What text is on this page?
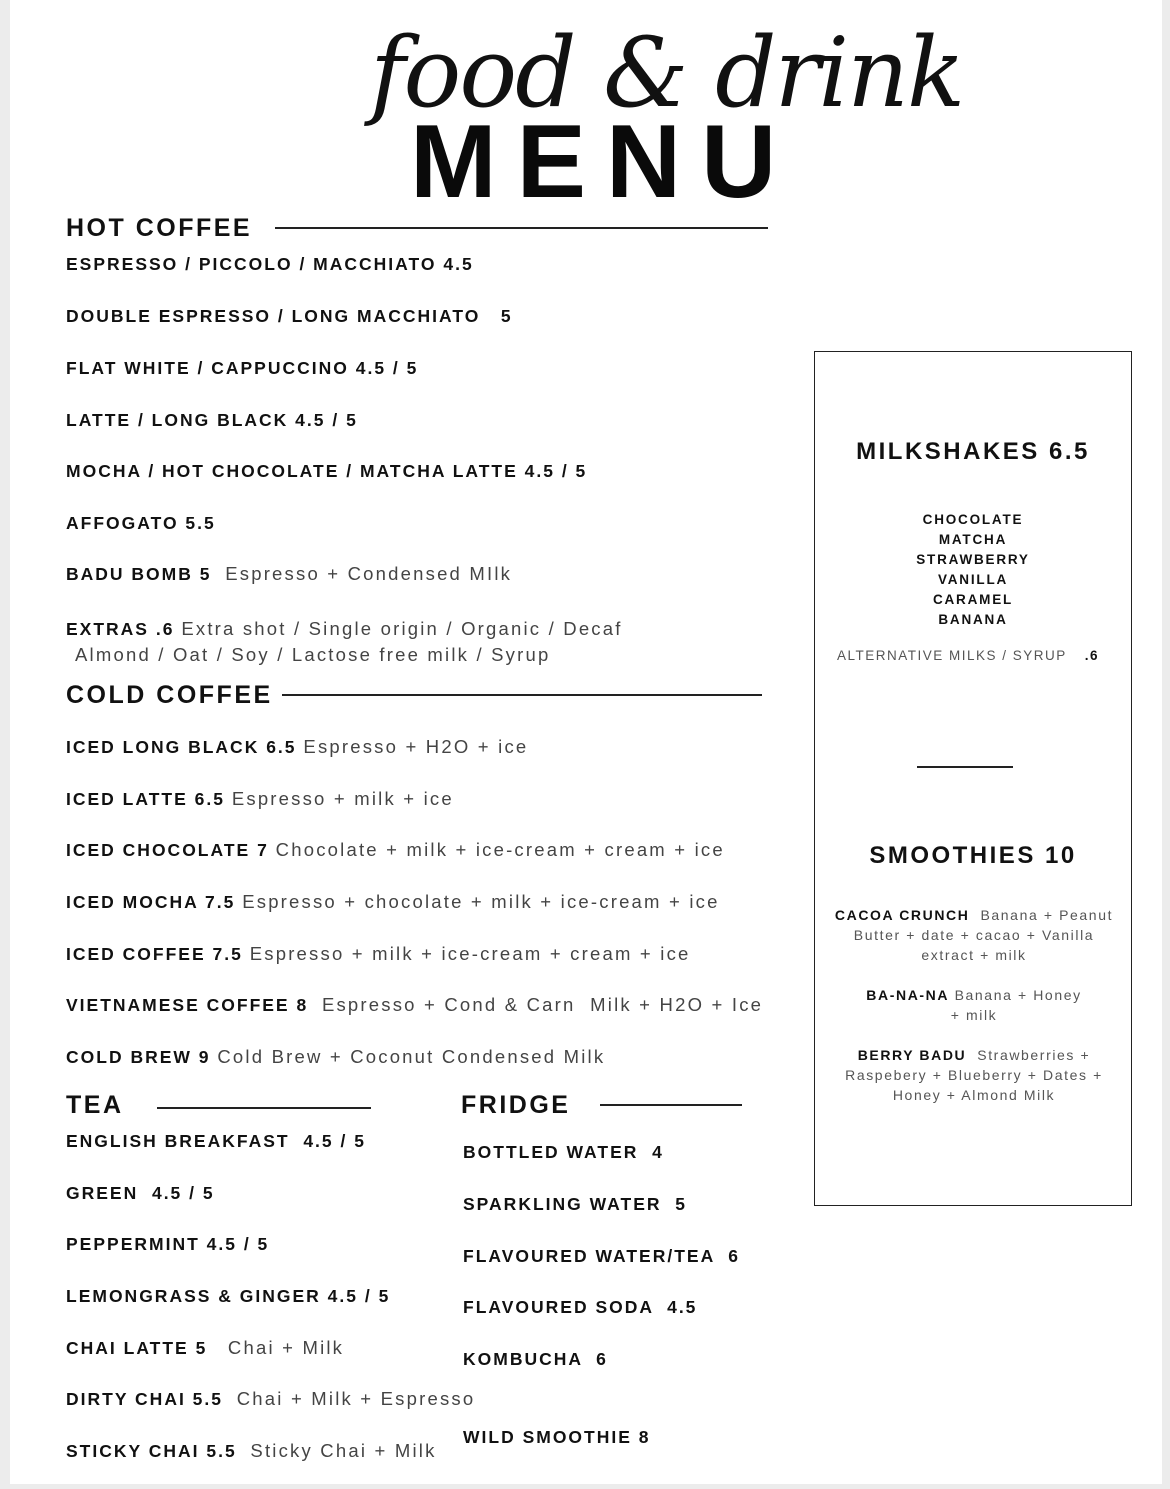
food & drink
MENU
HOT COFFEE
ESPRESSO / PICCOLO / MACCHIATO 4.5
DOUBLE ESPRESSO / LONG MACCHIATO   5
FLAT WHITE / CAPPUCCINO 4.5 / 5
LATTE / LONG BLACK 4.5 / 5
MOCHA / HOT CHOCOLATE / MATCHA LATTE 4.5 / 5
AFFOGATO 5.5
BADU BOMB 5 Espresso + Condensed MIlk
EXTRAS .6 Extra shot / Single origin / Organic / Decaf
Almond / Oat / Soy / Lactose free milk / Syrup
COLD COFFEE
ICED LONG BLACK 6.5 Espresso + H2O + ice
ICED LATTE 6.5 Espresso + milk + ice
ICED CHOCOLATE 7 Chocolate + milk + ice-cream + cream + ice
ICED MOCHA 7.5 Espresso + chocolate + milk + ice-cream + ice
ICED COFFEE 7.5 Espresso + milk + ice-cream + cream + ice
VIETNAMESE COFFEE 8 Espresso + Cond & Carn  Milk + H2O + Ice
COLD BREW 9 Cold Brew + Coconut Condensed Milk
TEA
ENGLISH BREAKFAST  4.5 / 5
GREEN  4.5 / 5
PEPPERMINT 4.5 / 5
LEMONGRASS & GINGER 4.5 / 5
CHAI LATTE 5 Chai + Milk
DIRTY CHAI 5.5 Chai + Milk + Espresso
STICKY CHAI 5.5 Sticky Chai + Milk
FRIDGE
BOTTLED WATER  4
SPARKLING WATER  5
FLAVOURED WATER/TEA  6
FLAVOURED SODA  4.5
KOMBUCHA  6
WILD SMOOTHIE 8
MILKSHAKES 6.5
CHOCOLATE
MATCHA
STRAWBERRY
VANILLA
CARAMEL
BANANA
ALTERNATIVE MILKS / SYRUP .6
SMOOTHIES 10
CACOA CRUNCH Banana + Peanut Butter + date + cacao + Vanilla extract + milk
BA-NA-NA Banana + Honey + milk
BERRY BADU Strawberries + Raspebery + Blueberry + Dates + Honey + Almond Milk
